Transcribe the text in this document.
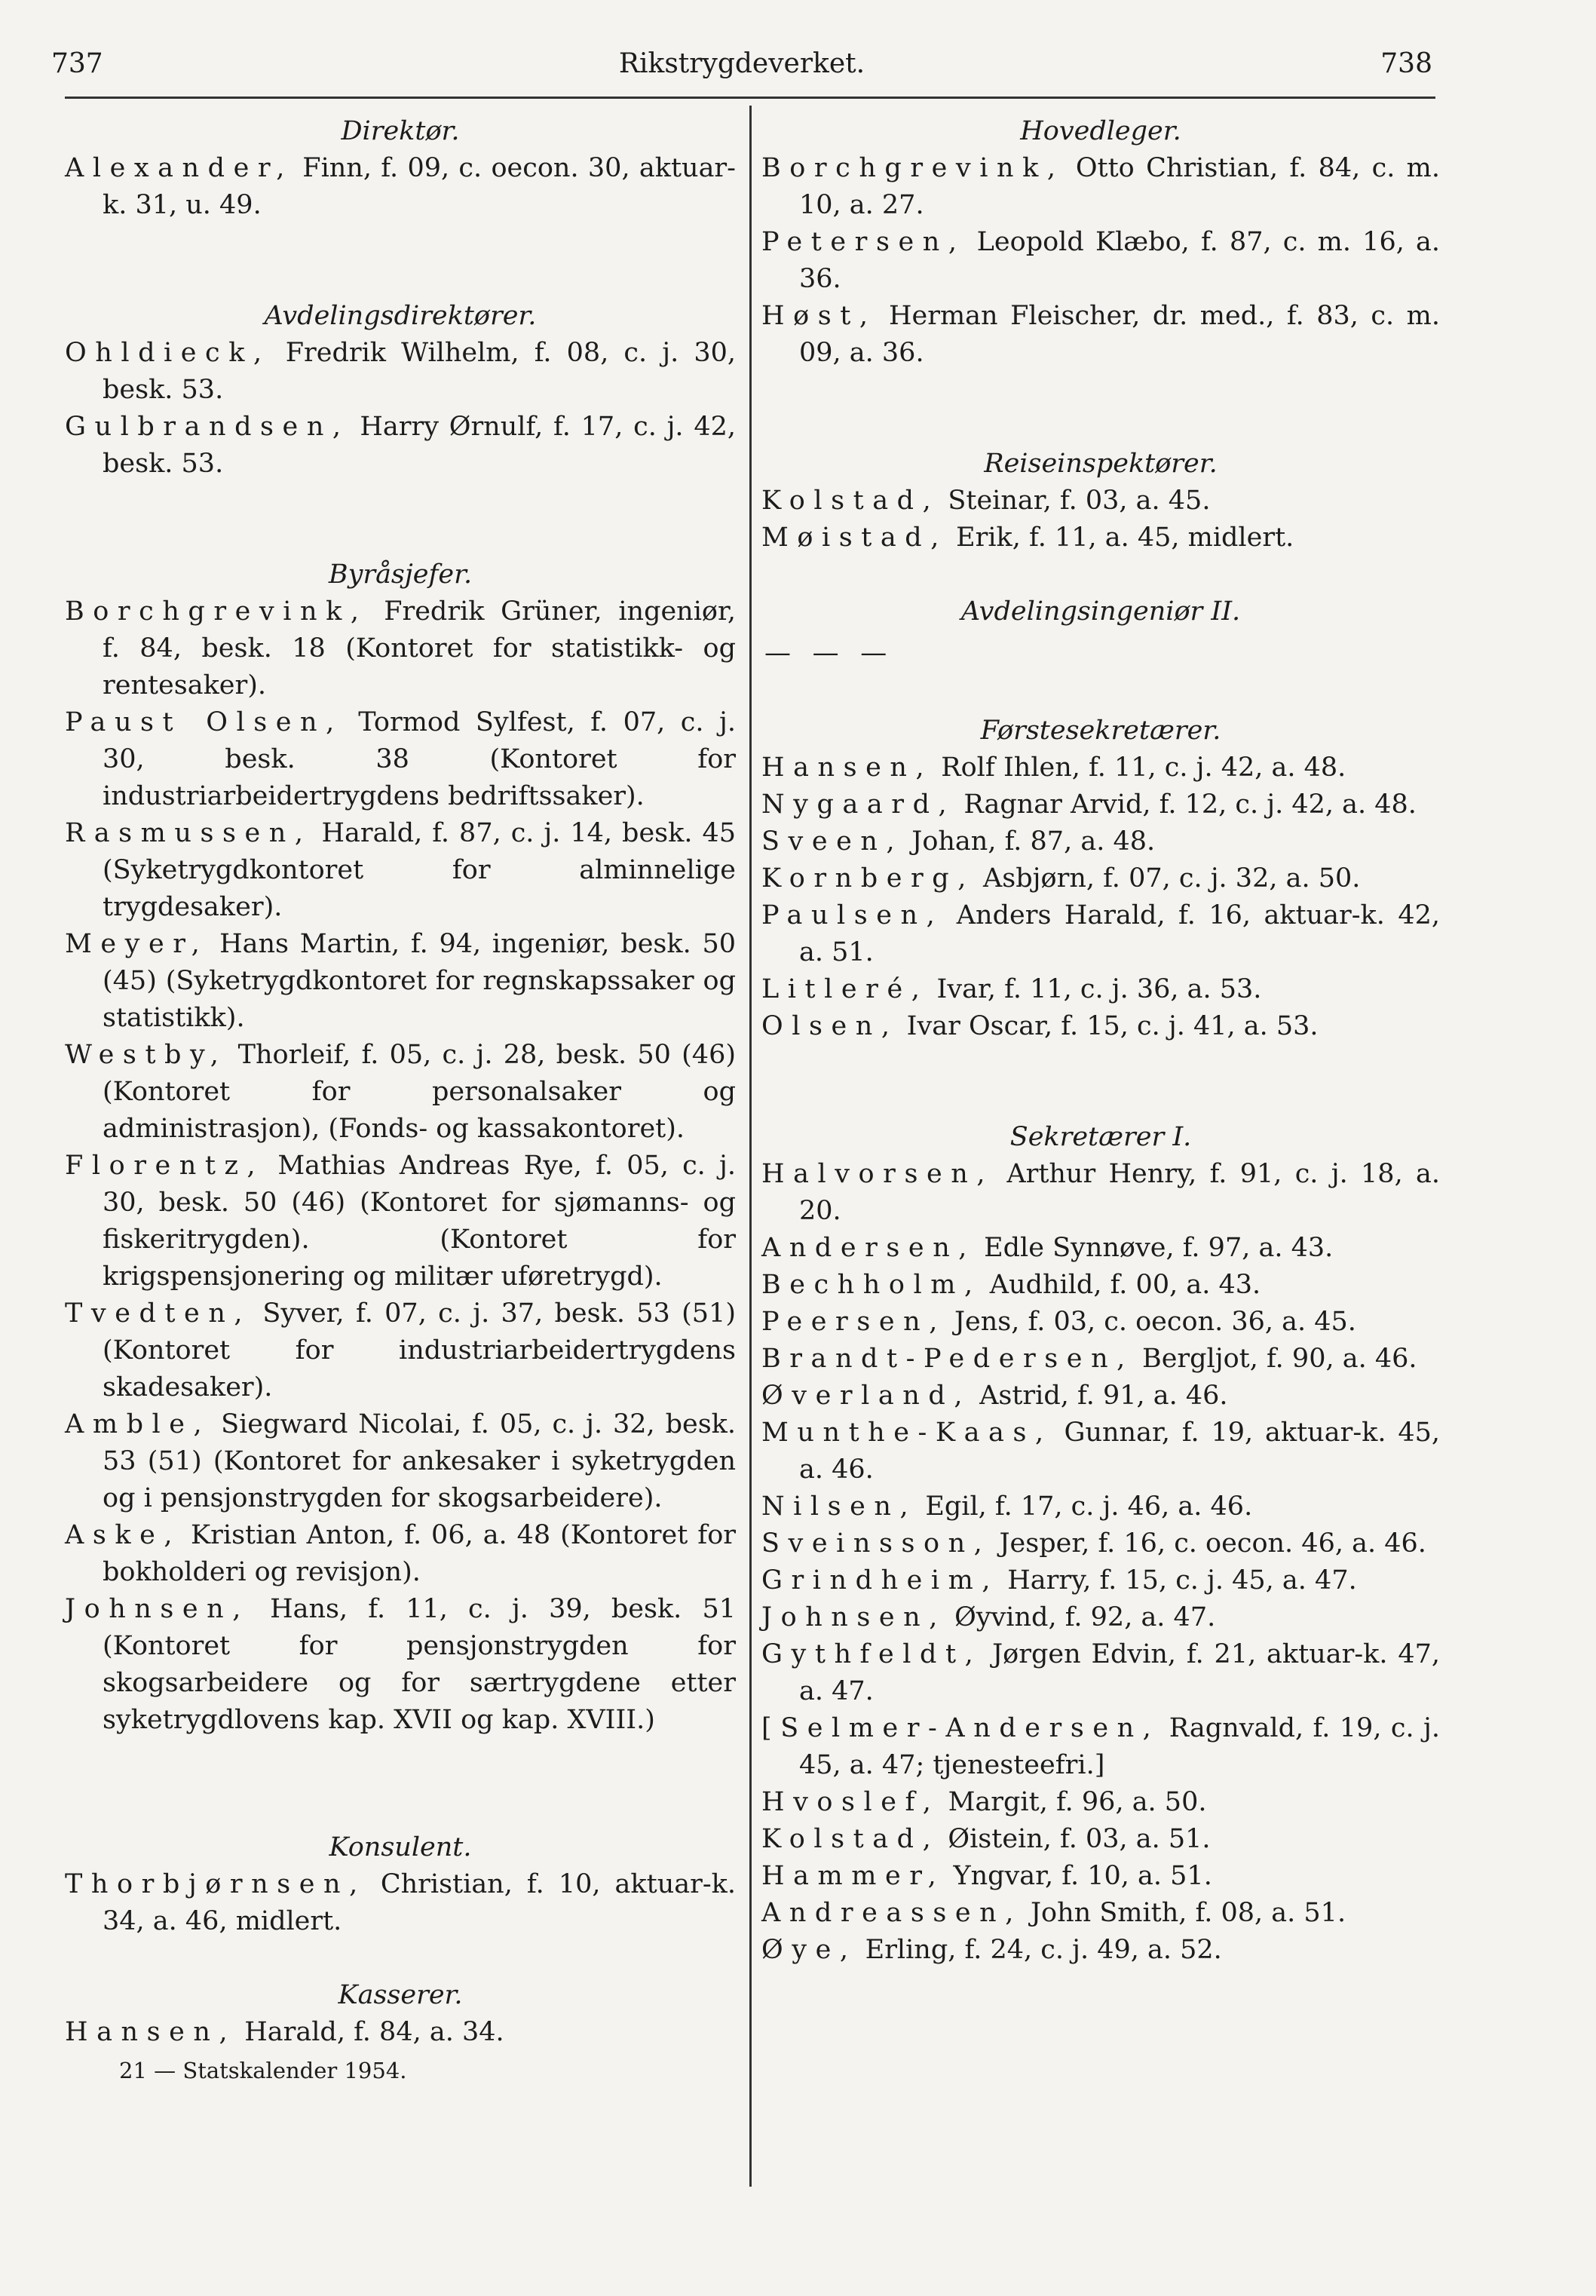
737	Rikstrygdeverket.	738
Direktør.
Alexander, Finn, f. 09, c. oecon. 30, aktuar-k. 31, u. 49.
Avdelingsdirektører.
Ohldieck, Fredrik Wilhelm, f. 08, c. j. 30, besk. 53.
Gulbrandsen, Harry Ørnulf, f. 17, c. j. 42, besk. 53.
Byråsjefer.
Borchgrevink, Fredrik Grüner, ingeniør, f. 84, besk. 18 (Kontoret for statistikk- og rentesaker).
Paust Olsen, Tormod Sylfest, f. 07, c. j. 30, besk. 38 (Kontoret for industriarbeidertrygdens bedriftssaker).
Rasmussen, Harald, f. 87, c. j. 14, besk. 45 (Syketrygdkontoret for alminnelige trygdesaker).
Meyer, Hans Martin, f. 94, ingeniør, besk. 50 (45) (Syketrygdkontoret for regnskapssaker og statistikk).
Westby, Thorleif, f. 05, c. j. 28, besk. 50 (46) (Kontoret for personalsaker og administrasjon), (Fonds- og kassakontoret).
Florentz, Mathias Andreas Rye, f. 05, c. j. 30, besk. 50 (46) (Kontoret for sjømanns- og fiskeritrygden). (Kontoret for krigspensjonering og militær uføretrygd).
Tvedten, Syver, f. 07, c. j. 37, besk. 53 (51) (Kontoret for industriarbeidertrygdens skadesaker).
Amble, Siegward Nicolai, f. 05, c. j. 32, besk. 53 (51) (Kontoret for ankesaker i syketrygden og i pensjonstrygden for skogsarbeidere).
Aske, Kristian Anton, f. 06, a. 48 (Kontoret for bokholderi og revisjon).
Johnsen, Hans, f. 11, c. j. 39, besk. 51 (Kontoret for pensjonstrygden for skogsarbeidere og for særtrygdene etter syketrygdlovens kap. XVII og kap. XVIII.)
Konsulent.
Thorbjørnsen, Christian, f. 10, aktuar-k. 34, a. 46, midlert.
Kasserer.
Hansen, Harald, f. 84, a. 34.
21 — Statskalender 1954.
Hovedleger.
Borchgrevink, Otto Christian, f. 84, c. m. 10, a. 27.
Petersen, Leopold Klæbo, f. 87, c. m. 16, a. 36.
Høst, Herman Fleischer, dr. med., f. 83, c. m. 09, a. 36.
Reiseinspektører.
Kolstad, Steinar, f. 03, a. 45.
Møistad, Erik, f. 11, a. 45, midlert.
Avdelingsingeniør II.
— — —
Førstesekretærer.
Hansen, Rolf Ihlen, f. 11, c. j. 42, a. 48.
Nygaard, Ragnar Arvid, f. 12, c. j. 42, a. 48.
Sveen, Johan, f. 87, a. 48.
Kornberg, Asbjørn, f. 07, c. j. 32, a. 50.
Paulsen, Anders Harald, f. 16, aktuar-k. 42, a. 51.
Litleré, Ivar, f. 11, c. j. 36, a. 53.
Olsen, Ivar Oscar, f. 15, c. j. 41, a. 53.
Sekretærer I.
Halvorsen, Arthur Henry, f. 91, c. j. 18, a. 20.
Andersen, Edle Synnøve, f. 97, a. 43.
Bechholm, Audhild, f. 00, a. 43.
Peersen, Jens, f. 03, c. oecon. 36, a. 45.
Brandt-Pedersen, Bergljot, f. 90, a. 46.
Øverland, Astrid, f. 91, a. 46.
Munthe-Kaas, Gunnar, f. 19, aktuar-k. 45, a. 46.
Nilsen, Egil, f. 17, c. j. 46, a. 46.
Sveinsson, Jesper, f. 16, c. oecon. 46, a. 46.
Grindheim, Harry, f. 15, c. j. 45, a. 47.
Johnsen, Øyvind, f. 92, a. 47.
Gythfeldt, Jørgen Edvin, f. 21, aktuar-k. 47, a. 47.
[Selmer-Andersen, Ragnvald, f. 19, c. j. 45, a. 47; tjenesteefri.]
Hvoslef, Margit, f. 96, a. 50.
Kolstad, Øistein, f. 03, a. 51.
Hammer, Yngvar, f. 10, a. 51.
Andreassen, John Smith, f. 08, a. 51.
Øye, Erling, f. 24, c. j. 49, a. 52.
